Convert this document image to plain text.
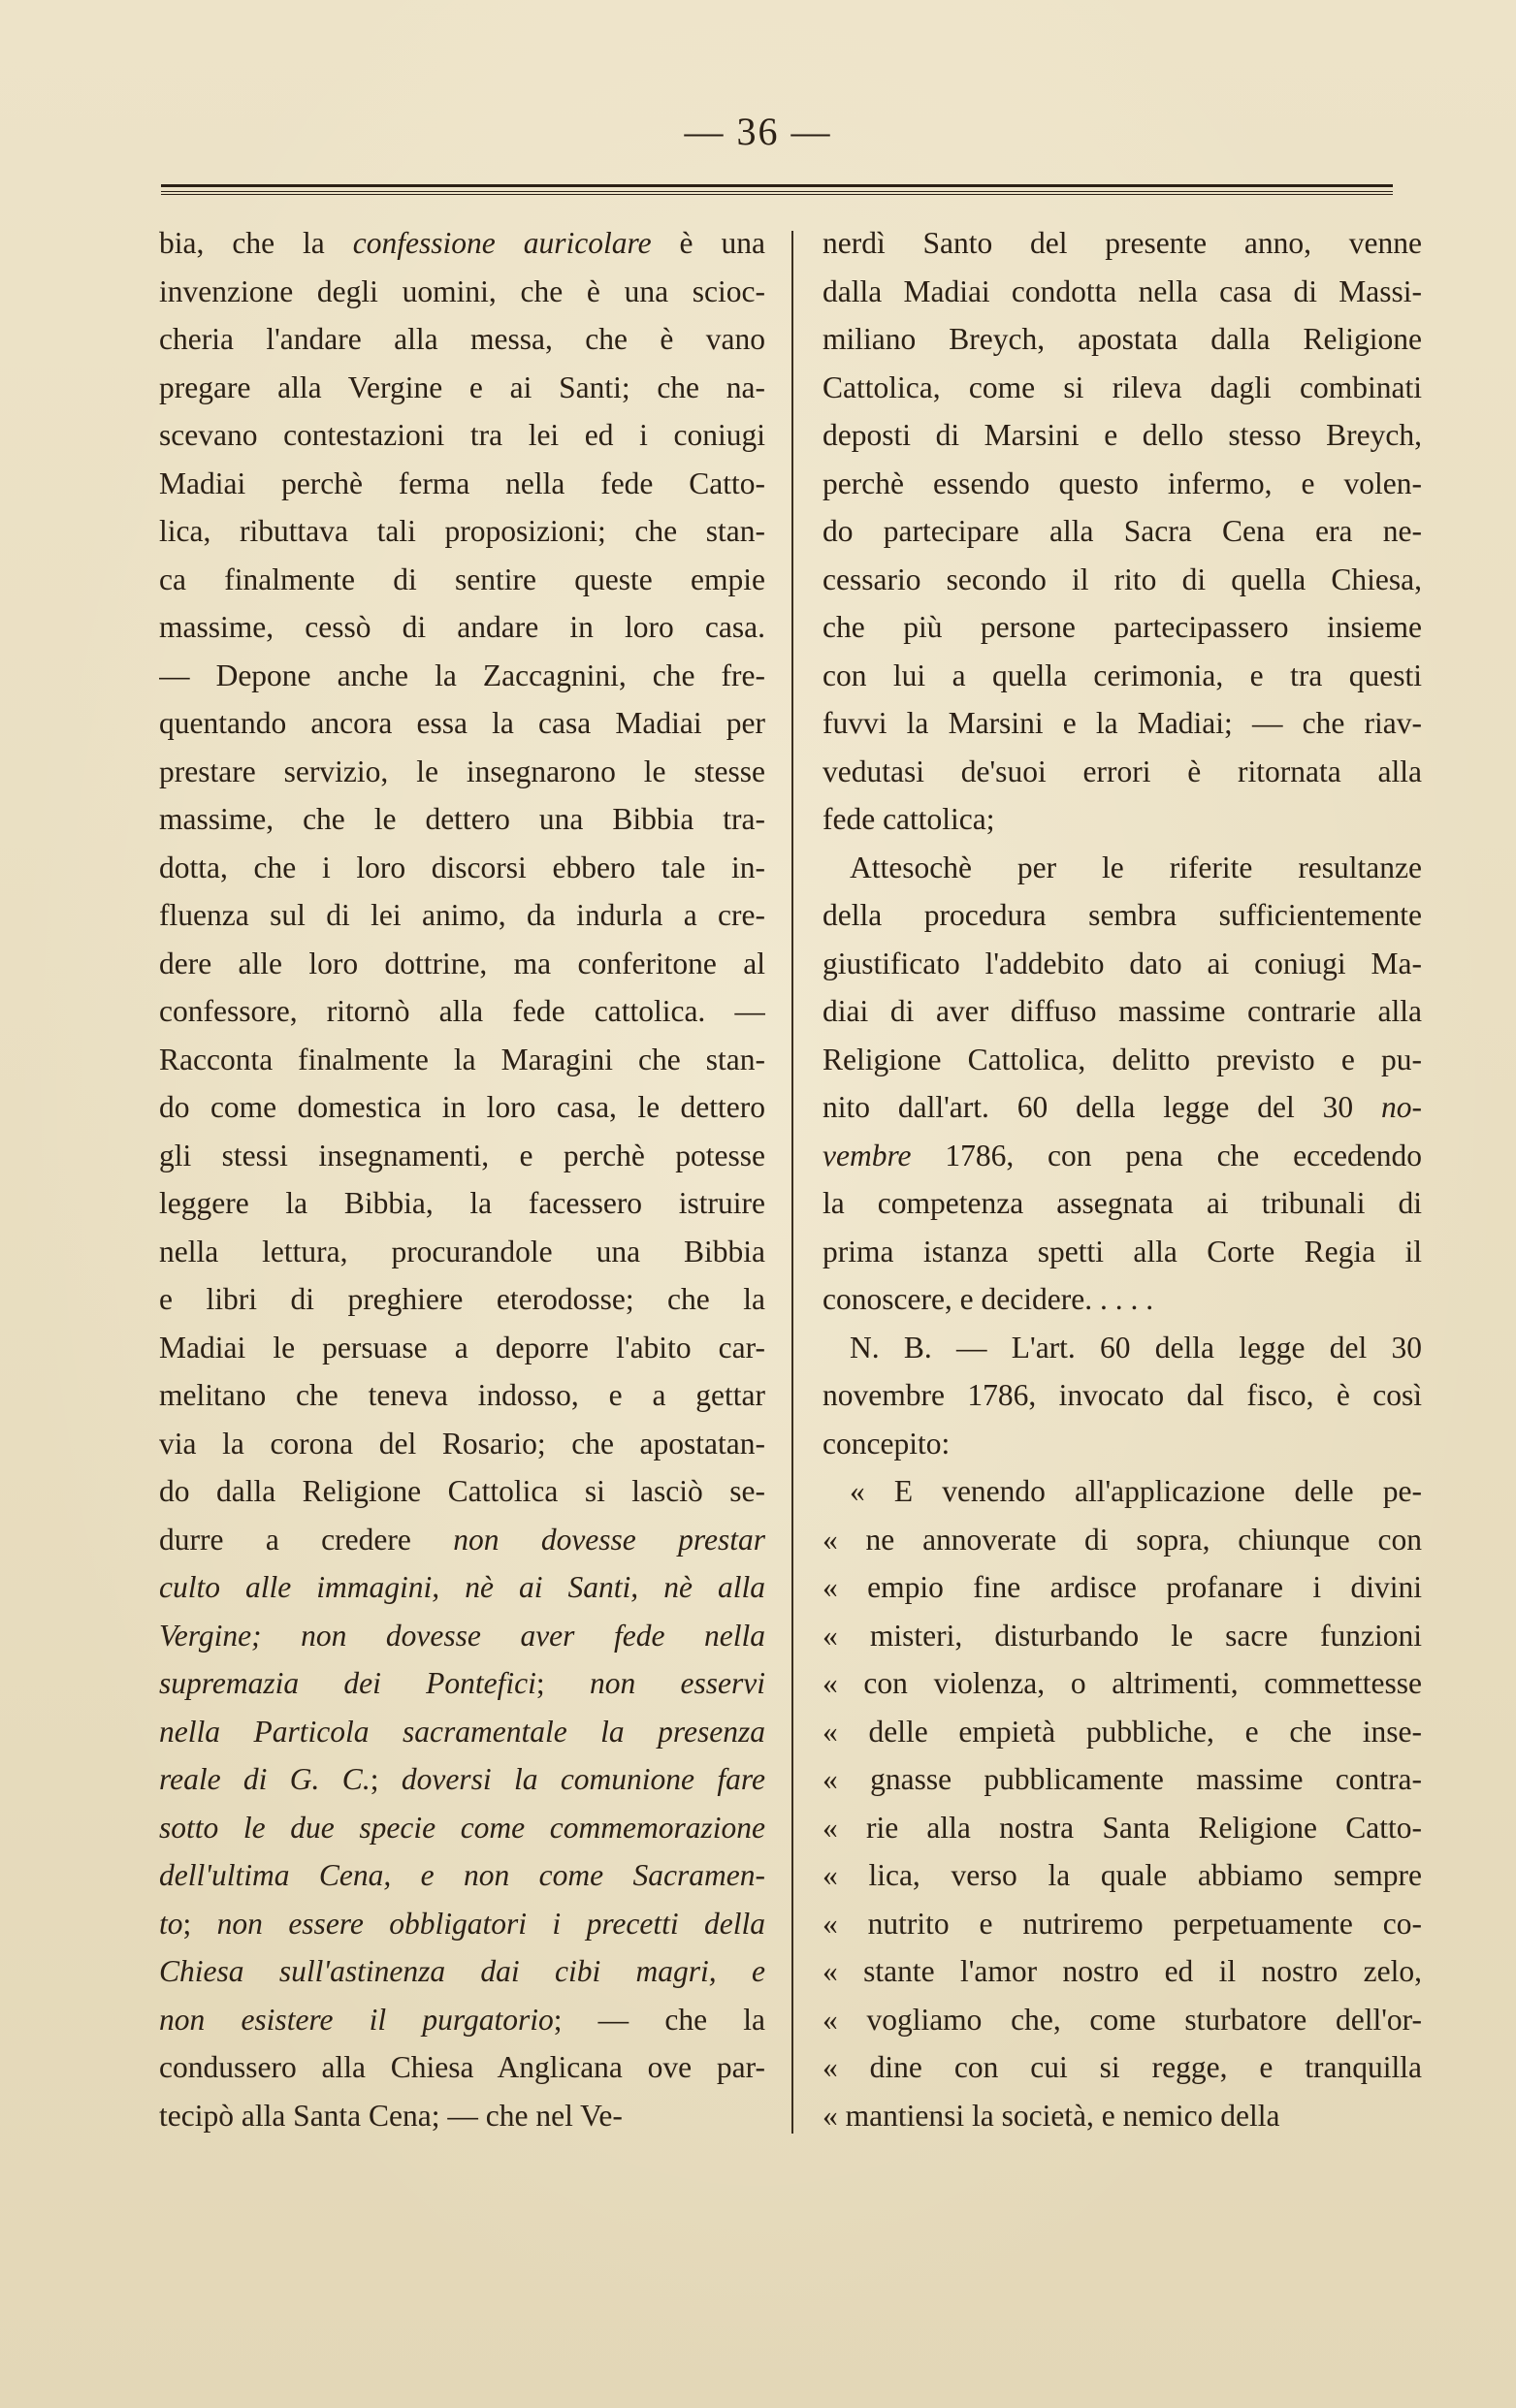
— 36 —
bia, che la confessione auricolare è una
invenzione degli uomini, che è una scioc-
cheria l'andare alla messa, che è vano
pregare alla Vergine e ai Santi; che na-
scevano contestazioni tra lei ed i coniugi
Madiai perchè ferma nella fede Catto-
lica, ributtava tali proposizioni; che stan-
ca finalmente di sentire queste empie
massime, cessò di andare in loro casa.
— Depone anche la Zaccagnini, che fre-
quentando ancora essa la casa Madiai per
prestare servizio, le insegnarono le stesse
massime, che le dettero una Bibbia tra-
dotta, che i loro discorsi ebbero tale in-
fluenza sul di lei animo, da indurla a cre-
dere alle loro dottrine, ma conferitone al
confessore, ritornò alla fede cattolica. —
Racconta finalmente la Maragini che stan-
do come domestica in loro casa, le dettero
gli stessi insegnamenti, e perchè potesse
leggere la Bibbia, la facessero istruire
nella lettura, procurandole una Bibbia
e libri di preghiere eterodosse; che la
Madiai le persuase a deporre l'abito car-
melitano che teneva indosso, e a gettar
via la corona del Rosario; che apostatan-
do dalla Religione Cattolica si lasciò se-
durre a credere non dovesse prestar
culto alle immagini, nè ai Santi, nè alla
Vergine; non dovesse aver fede nella
supremazia dei Pontefici; non esservi
nella Particola sacramentale la presenza
reale di G. C.; doversi la comunione fare
sotto le due specie come commemorazione
dell'ultima Cena, e non come Sacramen-
to; non essere obbligatori i precetti della
Chiesa sull'astinenza dai cibi magri, e
non esistere il purgatorio; — che la
condussero alla Chiesa Anglicana ove par-
tecipò alla Santa Cena; — che nel Ve-
nerdì Santo del presente anno, venne
dalla Madiai condotta nella casa di Massi-
miliano Breych, apostata dalla Religione
Cattolica, come si rileva dagli combinati
deposti di Marsini e dello stesso Breych,
perchè essendo questo infermo, e volen-
do partecipare alla Sacra Cena era ne-
cessario secondo il rito di quella Chiesa,
che più persone partecipassero insieme
con lui a quella cerimonia, e tra questi
fuvvi la Marsini e la Madiai; — che riav-
vedutasi de'suoi errori è ritornata alla
fede cattolica;
Attesochè per le riferite resultanze
della procedura sembra sufficientemente
giustificato l'addebito dato ai coniugi Ma-
diai di aver diffuso massime contrarie alla
Religione Cattolica, delitto previsto e pu-
nito dall'art. 60 della legge del 30 no-
vembre 1786, con pena che eccedendo
la competenza assegnata ai tribunali di
prima istanza spetti alla Corte Regia il
conoscere, e decidere. . . . .
N. B. — L'art. 60 della legge del 30
novembre 1786, invocato dal fisco, è così
concepito:
« E venendo all'applicazione delle pe-
« ne annoverate di sopra, chiunque con
« empio fine ardisce profanare i divini
« misteri, disturbando le sacre funzioni
« con violenza, o altrimenti, commettesse
« delle empietà pubbliche, e che inse-
« gnasse pubblicamente massime contra-
« rie alla nostra Santa Religione Catto-
« lica, verso la quale abbiamo sempre
« nutrito e nutriremo perpetuamente co-
« stante l'amor nostro ed il nostro zelo,
« vogliamo che, come sturbatore dell'or-
« dine con cui si regge, e tranquilla
« mantiensi la società, e nemico della
